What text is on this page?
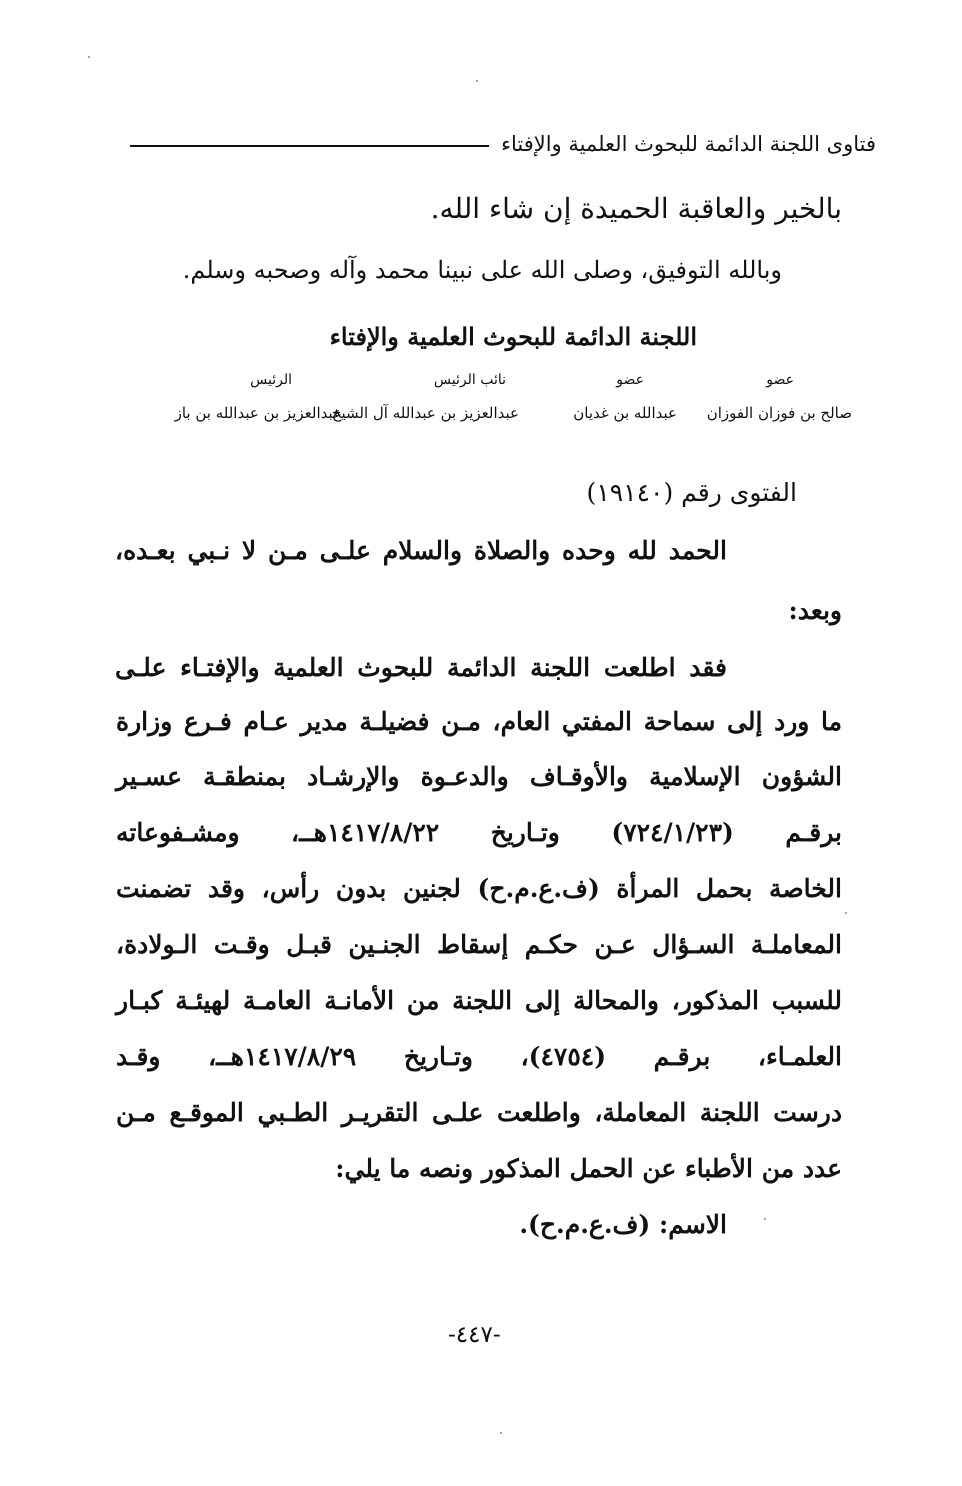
فتاوى اللجنة الدائمة للبحوث العلمية والإفتاء
بالخير والعاقبة الحميدة إن شاء الله.
وبالله التوفيق، وصلى الله على نبينا محمد وآله وصحبه وسلم.
اللجنة الدائمة للبحوث العلمية والإفتاء
عضو
عضو
نائب الرئيس
الرئيس
صالح بن فوزان الفوزان
عبدالله بن غديان
عبدالعزيز بن عبدالله آل الشيخ
عبدالعزيز بن عبدالله بن باز
الفتوى رقم (١٩١٤٠)
الحمد لله وحده والصلاة والسلام علـى مـن لا نـبي بعـده،
وبعد:
فقد اطلعت اللجنة الدائمة للبحوث العلمية والإفتـاء علـى
ما ورد إلى سماحة المفتي العام، مـن فضيلـة مدير عـام فـرع وزارة
الشؤون الإسلامية والأوقـاف والدعـوة والإرشـاد بمنطقـة عسـير
برقـم (٧٢٤/١/٢٣) وتـاريخ ١٤١٧/٨/٢٢هــ، ومشـفوعاته
الخاصة بحمل المرأة (ف.ع.م.ح) لجنين بدون رأس، وقد تضمنت
المعاملـة السـؤال عـن حكـم إسقاط الجنـين قبـل وقـت الـولادة،
للسبب المذكور، والمحالة إلى اللجنة من الأمانـة العامـة لهيئـة كبـار
العلمـاء، برقـم (٤٧٥٤)، وتـاريخ ١٤١٧/٨/٢٩هــ، وقـد
درست اللجنة المعاملة، واطلعت علـى التقريـر الطـبي الموقـع مـن
عدد من الأطباء عن الحمل المذكور ونصه ما يلي:
الاسم: (ف.ع.م.ح).
-٤٤٧-
